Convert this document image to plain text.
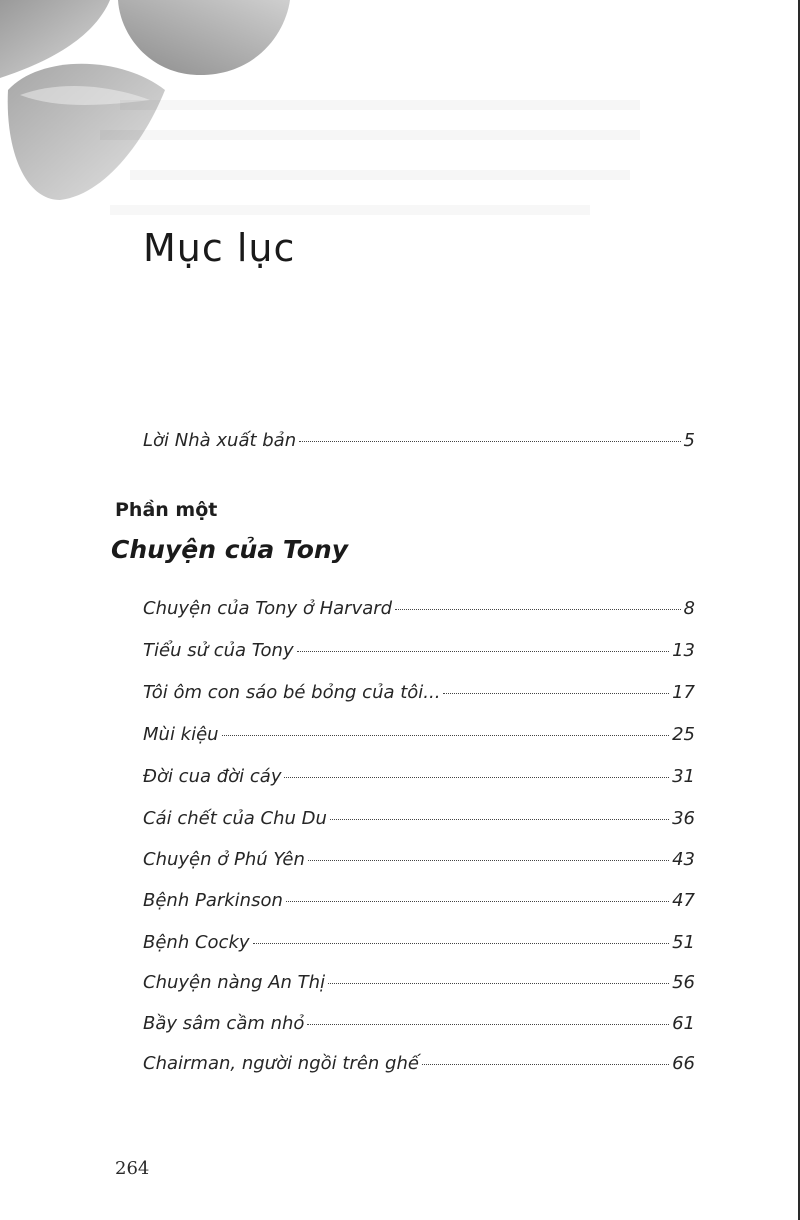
Mục lục
Lời Nhà xuất bản	5
Phần một
Chuyện của Tony
Chuyện của Tony ở Harvard	8
Tiểu sử của Tony	13
Tôi ôm con sáo bé bỏng của tôi...	17
Mùi kiệu	25
Đời cua đời cáy	31
Cái chết của Chu Du	36
Chuyện ở Phú Yên	43
Bệnh Parkinson	47
Bệnh Cocky	51
Chuyện nàng An Thị	56
Bầy sâm cầm nhỏ	61
Chairman, người ngồi trên ghế	66
264
